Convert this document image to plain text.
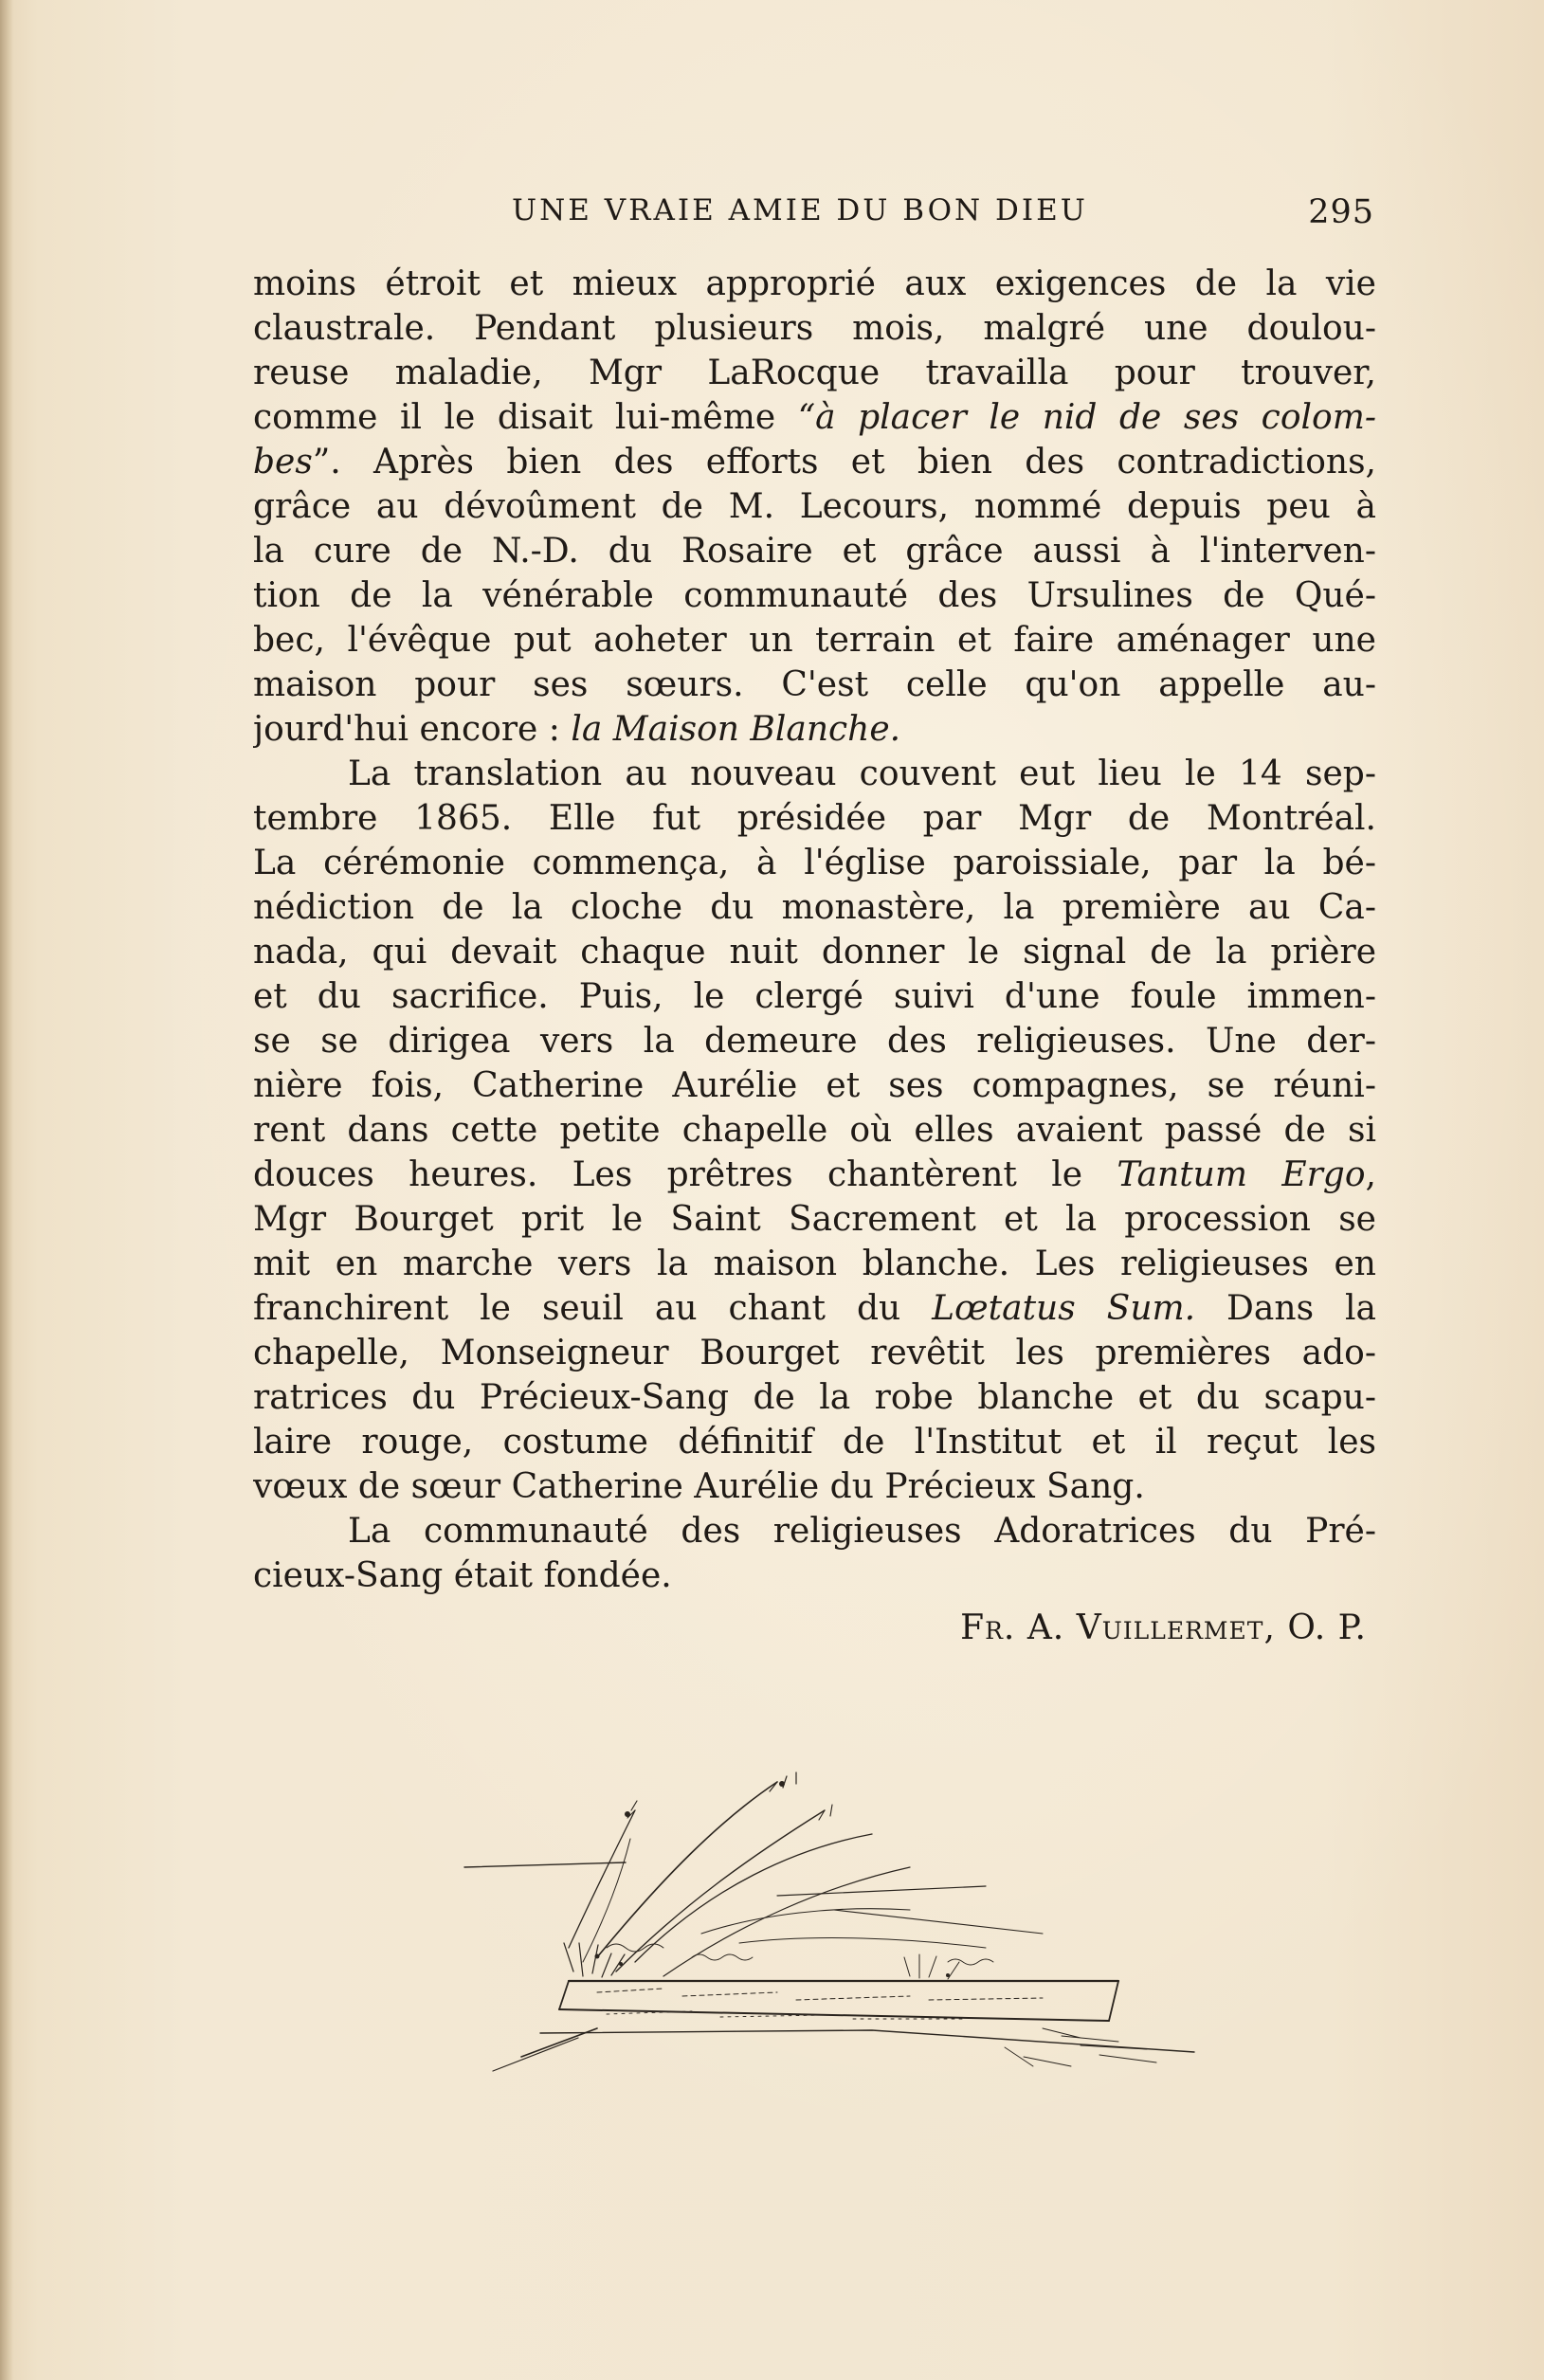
UNE VRAIE AMIE DU BON DIEU	295
moins étroit et mieux approprié aux exigences de la vie
claustrale. Pendant plusieurs mois, malgré une doulou-
reuse maladie, Mgr LaRocque travailla pour trouver,
comme il le disait lui-même “à placer le nid de ses colom-
bes”. Après bien des efforts et bien des contradictions,
grâce au dévoûment de M. Lecours, nommé depuis peu à
la cure de N.-D. du Rosaire et grâce aussi à l'interven-
tion de la vénérable communauté des Ursulines de Qué-
bec, l'évêque put aoheter un terrain et faire aménager une
maison pour ses sœurs. C'est celle qu'on appelle au-
jourd'hui encore : la Maison Blanche.
La translation au nouveau couvent eut lieu le 14 sep-
tembre 1865. Elle fut présidée par Mgr de Montréal.
La cérémonie commença, à l'église paroissiale, par la bé-
nédiction de la cloche du monastère, la première au Ca-
nada, qui devait chaque nuit donner le signal de la prière
et du sacrifice. Puis, le clergé suivi d'une foule immen-
se se dirigea vers la demeure des religieuses. Une der-
nière fois, Catherine Aurélie et ses compagnes, se réuni-
rent dans cette petite chapelle où elles avaient passé de si
douces heures. Les prêtres chantèrent le Tantum Ergo,
Mgr Bourget prit le Saint Sacrement et la procession se
mit en marche vers la maison blanche. Les religieuses en
franchirent le seuil au chant du Lœtatus Sum. Dans la
chapelle, Monseigneur Bourget revêtit les premières ado-
ratrices du Précieux-Sang de la robe blanche et du scapu-
laire rouge, costume définitif de l'Institut et il reçut les
vœux de sœur Catherine Aurélie du Précieux Sang.
La communauté des religieuses Adoratrices du Pré-
cieux-Sang était fondée.
Fr. A. Vuillermet, O. P.
